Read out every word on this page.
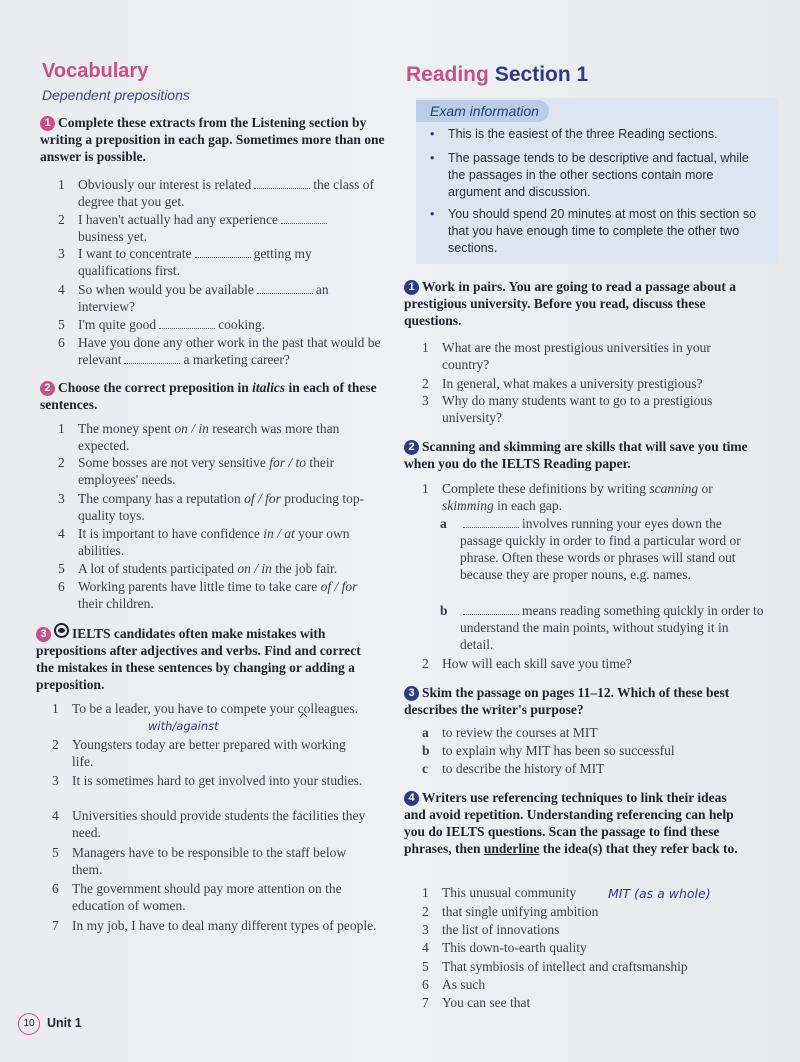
Vocabulary
Dependent prepositions
1 Complete these extracts from the Listening section by writing a preposition in each gap. Sometimes more than one answer is possible.
1 Obviously our interest is related	the class of degree that you get.
2 I haven't actually had any experiencebusiness yet.
3 I want to concentrate	getting my qualifications first.
4 So when would you be available	an interview?
5 I'm quite good	cooking.
6 Have you done any other work in the past that would be relevant	a marketing career?
2 Choose the correct preposition in italics in each of these sentences.
1 The money spent on / in research was more than expected.
2 Some bosses are not very sensitive for / to their employees' needs.
3 The company has a reputation of / for producing top-quality toys.
4 It is important to have confidence in / at your own abilities.
5 A lot of students participated on / in the job fair.
6 Working parents have little time to take care of / for their children.
3 IELTS candidates often make mistakes with prepositions after adjectives and verbs. Find and correct the mistakes in these sentences by changing or adding a preposition.
1 To be a leader, you have to compete your colleagues.
with/against	^
2 Youngsters today are better prepared with working life.
3 It is sometimes hard to get involved into your studies.
4 Universities should provide students the facilities they need.
5 Managers have to be responsible to the staff below them.
6 The government should pay more attention on the education of women.
7 In my job, I have to deal many different types of people.
Reading Section 1
Exam information
•	This is the easiest of the three Reading sections.
•	The passage tends to be descriptive and factual, while the passages in the other sections contain more argument and discussion.
•	You should spend 20 minutes at most on this section so that you have enough time to complete the other two sections.
1 Work in pairs. You are going to read a passage about a prestigious university. Before you read, discuss these questions.
1 What are the most prestigious universities in your country?
2 In general, what makes a university prestigious?
3 Why do many students want to go to a prestigious university?
2 Scanning and skimming are skills that will save you time when you do the IELTS Reading paper.
1 Complete these definitions by writing scanning or skimming in each gap.
a	involves running your eyes down the passage quickly in order to find a particular word or phrase. Often these words or phrases will stand out because they are proper nouns, e.g. names.
b	means reading something quickly in order to understand the main points, without studying it in detail.
2 How will each skill save you time?
3 Skim the passage on pages 11–12. Which of these best describes the writer's purpose?
a to review the courses at MIT
b to explain why MIT has been so successful
c	to describe the history of MIT
4 Writers use referencing techniques to link their ideas and avoid repetition. Understanding referencing can help you do IELTS questions. Scan the passage to find these phrases, then underline the idea(s) that they refer back to.
1 This unusual community	MIT (as a whole)
2 that single unifying ambition
3 the list of innovations
4 This down-to-earth quality
5 That symbiosis of intellect and craftsmanship
6 As such
7 You can see that
10 Unit 1
